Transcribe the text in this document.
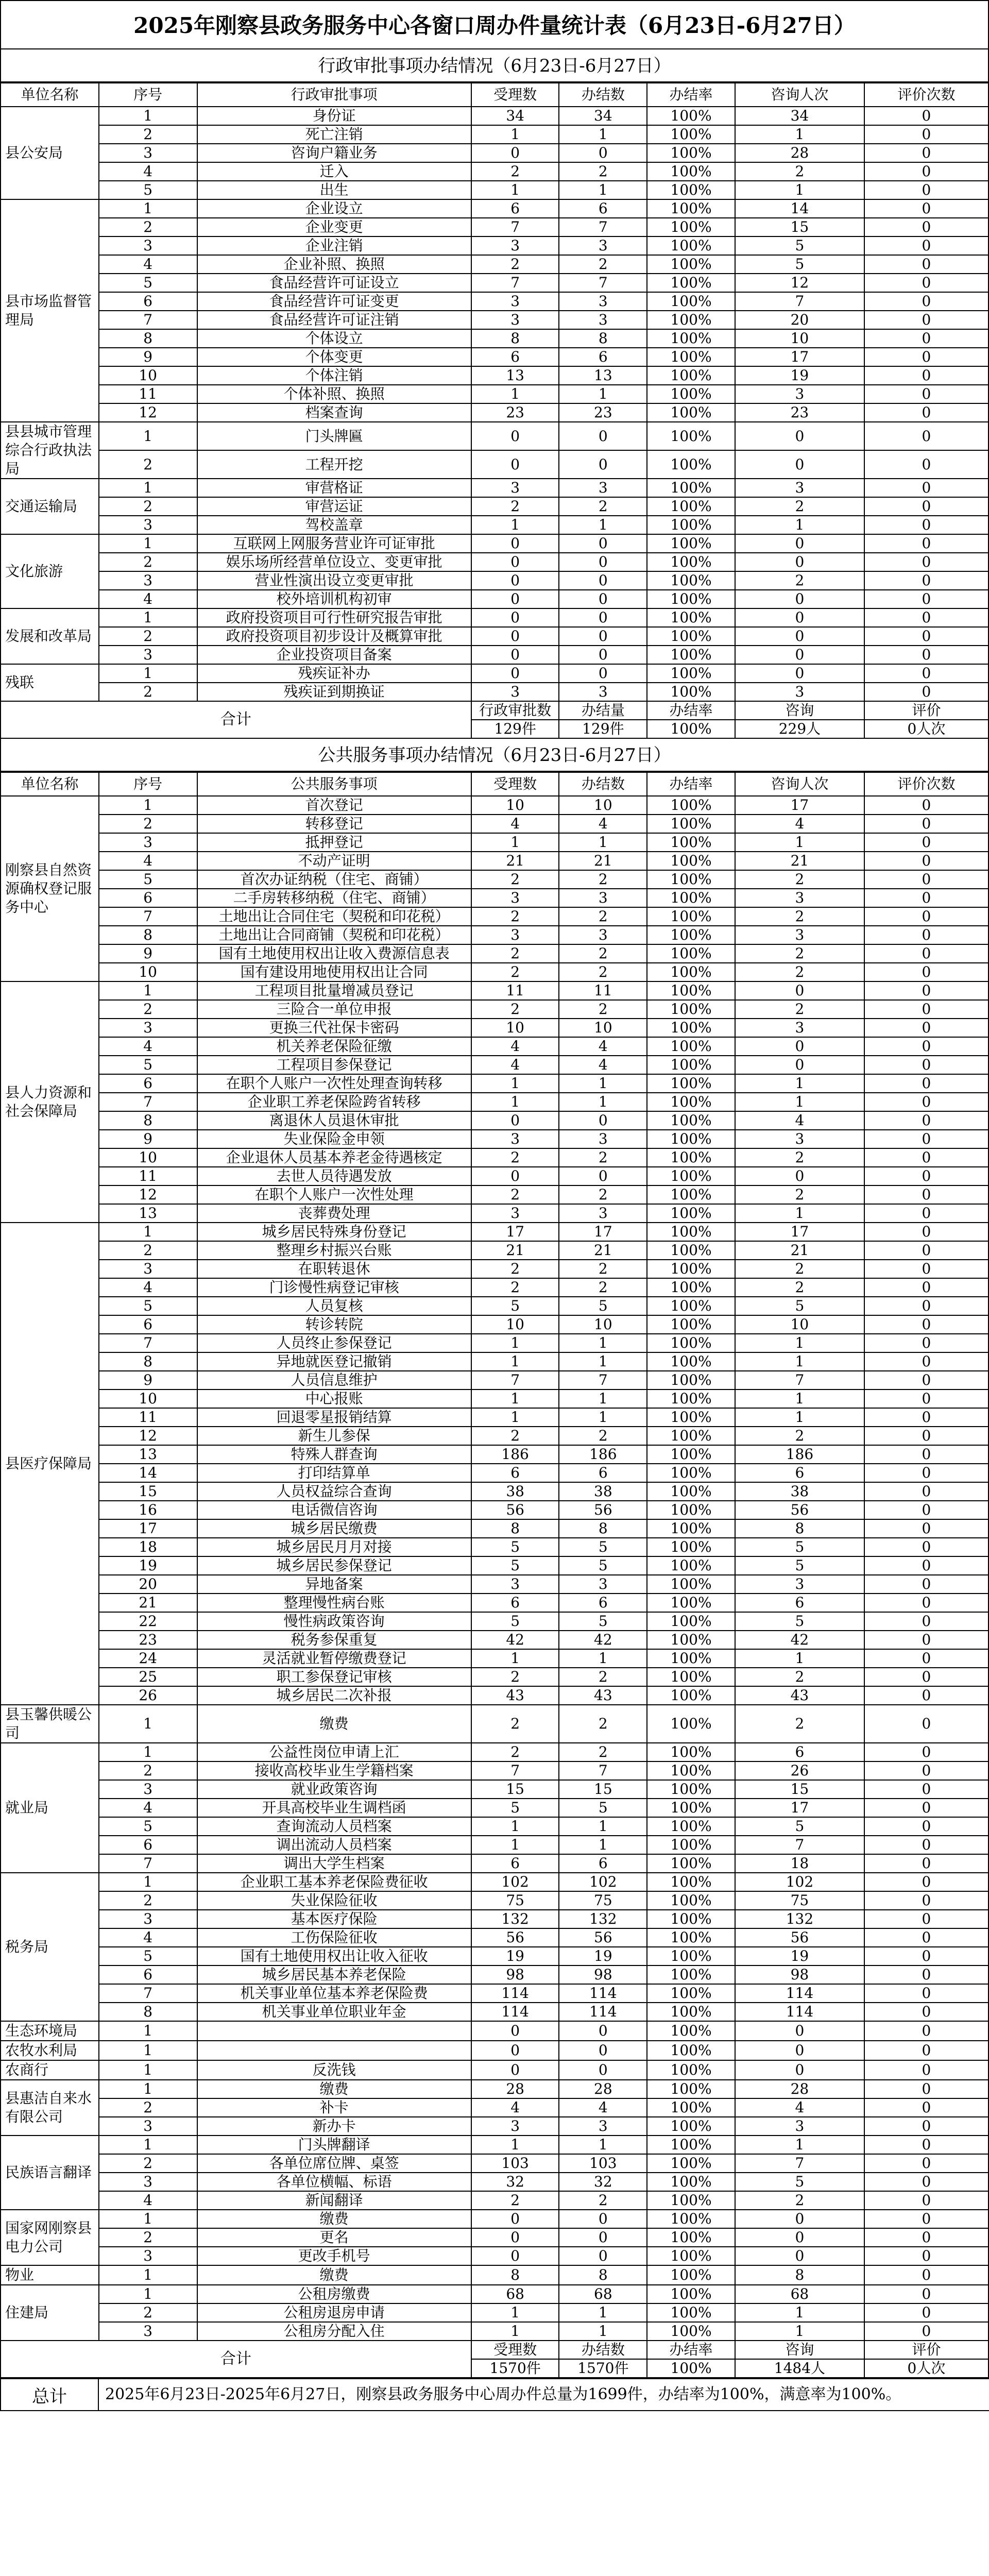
2025年刚察县政务服务中心各窗口周办件量统计表（6月23日-6月27日）
行政审批事项办结情况（6月23日-6月27日）
单位名称	序号	行政审批事项	受理数	办结数	办结率	咨询人次	评价次数
县公安局	1	身份证	34	34	100%	34	0
	2	死亡注销	1	1	100%	1	0
	3	咨询户籍业务	0	0	100%	28	0
	4	迁入	2	2	100%	2	0
	5	出生	1	1	100%	1	0
县市场监督管理局	1	企业设立	6	6	100%	14	0
	2	企业变更	7	7	100%	15	0
	3	企业注销	3	3	100%	5	0
	4	企业补照、换照	2	2	100%	5	0
	5	食品经营许可证设立	7	7	100%	12	0
	6	食品经营许可证变更	3	3	100%	7	0
	7	食品经营许可证注销	3	3	100%	20	0
	8	个体设立	8	8	100%	10	0
	9	个体变更	6	6	100%	17	0
	10	个体注销	13	13	100%	19	0
	11	个体补照、换照	1	1	100%	3	0
	12	档案查询	23	23	100%	23	0
县县城市管理综合行政执法局	1	门头牌匾	0	0	100%	0	0
	2	工程开挖	0	0	100%	0	0
交通运输局	1	审营格证	3	3	100%	3	0
	2	审营运证	2	2	100%	2	0
	3	驾校盖章	1	1	100%	1	0
文化旅游	1	互联网上网服务营业许可证审批	0	0	100%	0	0
	2	娱乐场所经营单位设立、变更审批	0	0	100%	0	0
	3	营业性演出设立变更审批	0	0	100%	2	0
	4	校外培训机构初审	0	0	100%	0	0
发展和改革局	1	政府投资项目可行性研究报告审批	0	0	100%	0	0
	2	政府投资项目初步设计及概算审批	0	0	100%	0	0
	3	企业投资项目备案	0	0	100%	0	0
残联	1	残疾证补办	0	0	100%	0	0
	2	残疾证到期换证	3	3	100%	3	0
合计			行政审批数	办结量	办结率	咨询	评价
			129件	129件	100%	229人	0人次
公共服务事项办结情况（6月23日-6月27日）
单位名称	序号	公共服务事项	受理数	办结数	办结率	咨询人次	评价次数
刚察县自然资源确权登记服务中心	1	首次登记	10	10	100%	17	0
	2	转移登记	4	4	100%	4	0
	3	抵押登记	1	1	100%	1	0
	4	不动产证明	21	21	100%	21	0
	5	首次办证纳税（住宅、商铺）	2	2	100%	2	0
	6	二手房转移纳税（住宅、商铺）	3	3	100%	3	0
	7	土地出让合同住宅（契税和印花税）	2	2	100%	2	0
	8	土地出让合同商铺（契税和印花税）	3	3	100%	3	0
	9	国有土地使用权出让收入费源信息表	2	2	100%	2	0
	10	国有建设用地使用权出让合同	2	2	100%	2	0
县人力资源和社会保障局	1	工程项目批量增减员登记	11	11	100%	0	0
	2	三险合一单位申报	2	2	100%	2	0
	3	更换三代社保卡密码	10	10	100%	3	0
	4	机关养老保险征缴	4	4	100%	0	0
	5	工程项目参保登记	4	4	100%	0	0
	6	在职个人账户一次性处理查询转移	1	1	100%	1	0
	7	企业职工养老保险跨省转移	1	1	100%	1	0
	8	离退休人员退休审批	0	0	100%	4	0
	9	失业保险金申领	3	3	100%	3	0
	10	企业退休人员基本养老金待遇核定	2	2	100%	2	0
	11	去世人员待遇发放	0	0	100%	0	0
	12	在职个人账户一次性处理	2	2	100%	2	0
	13	丧葬费处理	3	3	100%	1	0
县医疗保障局	1	城乡居民特殊身份登记	17	17	100%	17	0
	2	整理乡村振兴台账	21	21	100%	21	0
	3	在职转退休	2	2	100%	2	0
	4	门诊慢性病登记审核	2	2	100%	2	0
	5	人员复核	5	5	100%	5	0
	6	转诊转院	10	10	100%	10	0
	7	人员终止参保登记	1	1	100%	1	0
	8	异地就医登记撤销	1	1	100%	1	0
	9	人员信息维护	7	7	100%	7	0
	10	中心报账	1	1	100%	1	0
	11	回退零星报销结算	1	1	100%	1	0
	12	新生儿参保	2	2	100%	2	0
	13	特殊人群查询	186	186	100%	186	0
	14	打印结算单	6	6	100%	6	0
	15	人员权益综合查询	38	38	100%	38	0
	16	电话微信咨询	56	56	100%	56	0
	17	城乡居民缴费	8	8	100%	8	0
	18	城乡居民月月对接	5	5	100%	5	0
	19	城乡居民参保登记	5	5	100%	5	0
	20	异地备案	3	3	100%	3	0
	21	整理慢性病台账	6	6	100%	6	0
	22	慢性病政策咨询	5	5	100%	5	0
	23	税务参保重复	42	42	100%	42	0
	24	灵活就业暂停缴费登记	1	1	100%	1	0
	25	职工参保登记审核	2	2	100%	2	0
	26	城乡居民二次补报	43	43	100%	43	0
县玉馨供暖公司	1	缴费	2	2	100%	2	0
就业局	1	公益性岗位申请上汇	2	2	100%	6	0
	2	接收高校毕业生学籍档案	7	7	100%	26	0
	3	就业政策咨询	15	15	100%	15	0
	4	开具高校毕业生调档函	5	5	100%	17	0
	5	查询流动人员档案	1	1	100%	5	0
	6	调出流动人员档案	1	1	100%	7	0
	7	调出大学生档案	6	6	100%	18	0
税务局	1	企业职工基本养老保险费征收	102	102	100%	102	0
	2	失业保险征收	75	75	100%	75	0
	3	基本医疗保险	132	132	100%	132	0
	4	工伤保险征收	56	56	100%	56	0
	5	国有土地使用权出让收入征收	19	19	100%	19	0
	6	城乡居民基本养老保险	98	98	100%	98	0
	7	机关事业单位基本养老保险费	114	114	100%	114	0
	8	机关事业单位职业年金	114	114	100%	114	0
生态环境局	1		0	0	100%	0	0
农牧水利局	1		0	0	100%	0	0
农商行	1	反洗钱	0	0	100%	0	0
县惠洁自来水有限公司	1	缴费	28	28	100%	28	0
	2	补卡	4	4	100%	4	0
	3	新办卡	3	3	100%	3	0
民族语言翻译	1	门头牌翻译	1	1	100%	1	0
	2	各单位席位牌、桌签	103	103	100%	7	0
	3	各单位横幅、标语	32	32	100%	5	0
	4	新闻翻译	2	2	100%	2	0
国家网刚察县电力公司	1	缴费	0	0	100%	0	0
	2	更名	0	0	100%	0	0
	3	更改手机号	0	0	100%	0	0
物业	1	缴费	8	8	100%	8	0
住建局	1	公租房缴费	68	68	100%	68	0
	2	公租房退房申请	1	1	100%	1	0
	3	公租房分配入住	1	1	100%	1	0
合计			受理数	办结数	办结率	咨询	评价
			1570件	1570件	100%	1484人	0人次
总计	2025年6月23日-2025年6月27日，刚察县政务服务中心周办件总量为1699件，办结率为100%，满意率为100%。
